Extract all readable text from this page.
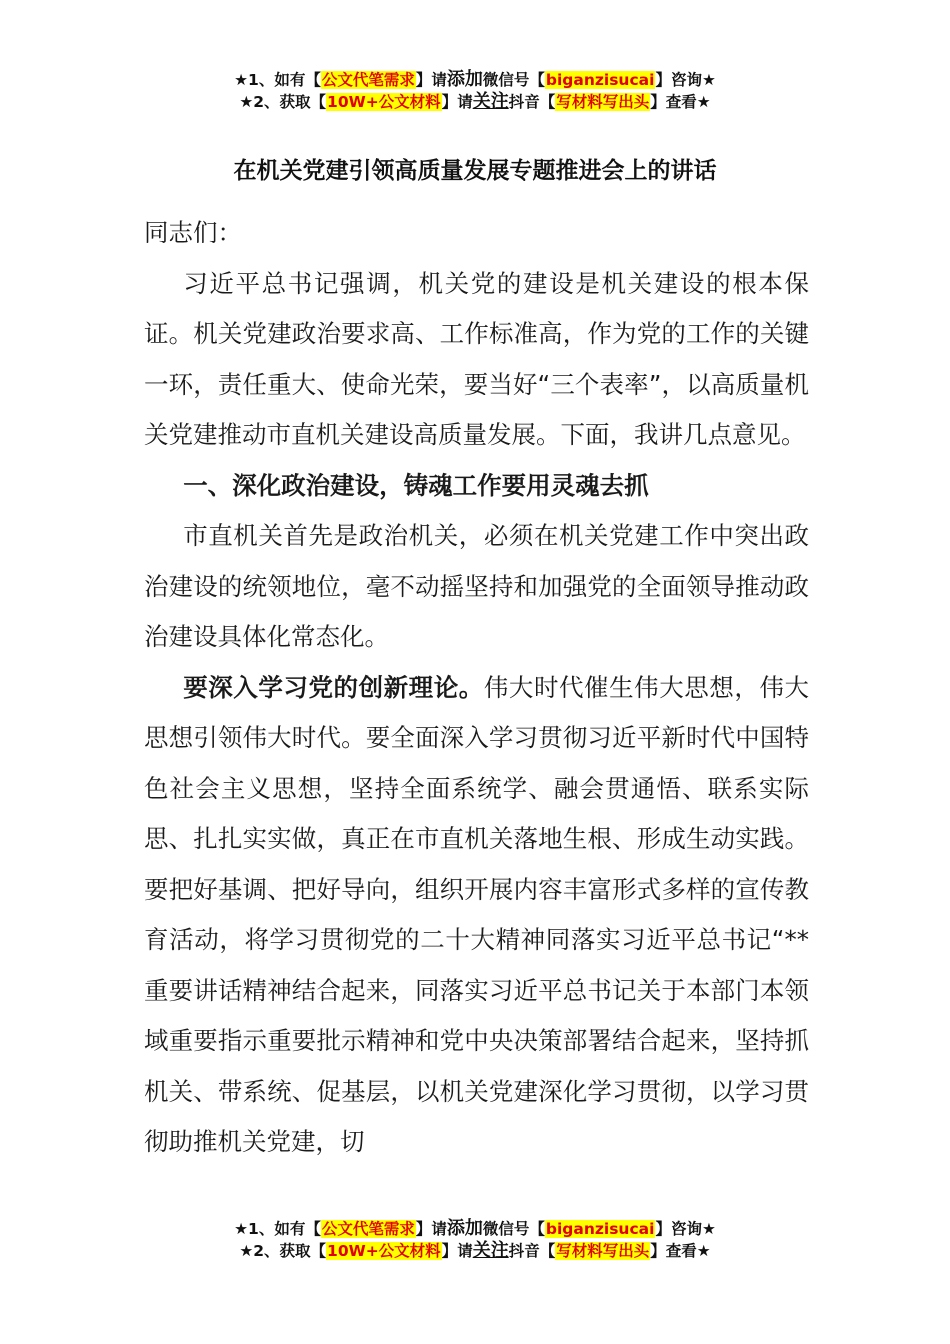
★1、如有【公文代笔需求】请添加微信号【biganzisucai】咨询★
★2、获取【10W+公文材料】请关注抖音【写材料写出头】查看★
在机关党建引领高质量发展专题推进会上的讲话

同志们：

习近平总书记强调，机关党的建设是机关建设的根本保证。机关党建政治要求高、工作标准高，作为党的工作的关键一环，责任重大、使命光荣，要当好“三个表率”，以高质量机关党建推动市直机关建设高质量发展。下面，我讲几点意见。

一、深化政治建设，铸魂工作要用灵魂去抓

市直机关首先是政治机关，必须在机关党建工作中突出政治建设的统领地位，毫不动摇坚持和加强党的全面领导推动政治建设具体化常态化。

要深入学习党的创新理论。伟大时代催生伟大思想，伟大思想引领伟大时代。要全面深入学习贯彻习近平新时代中国特色社会主义思想，坚持全面系统学、融会贯通悟、联系实际思、扎扎实实做，真正在市直机关落地生根、形成生动实践。要把好基调、把好导向，组织开展内容丰富形式多样的宣传教育活动，将学习贯彻党的二十大精神同落实习近平总书记“**重要讲话精神结合起来，同落实习近平总书记关于本部门本领域重要指示重要批示精神和党中央决策部署结合起来，坚持抓机关、带系统、促基层，以机关党建深化学习贯彻，以学习贯彻助推机关党建，切

★1、如有【公文代笔需求】请添加微信号【biganzisucai】咨询★
★2、获取【10W+公文材料】请关注抖音【写材料写出头】查看★
